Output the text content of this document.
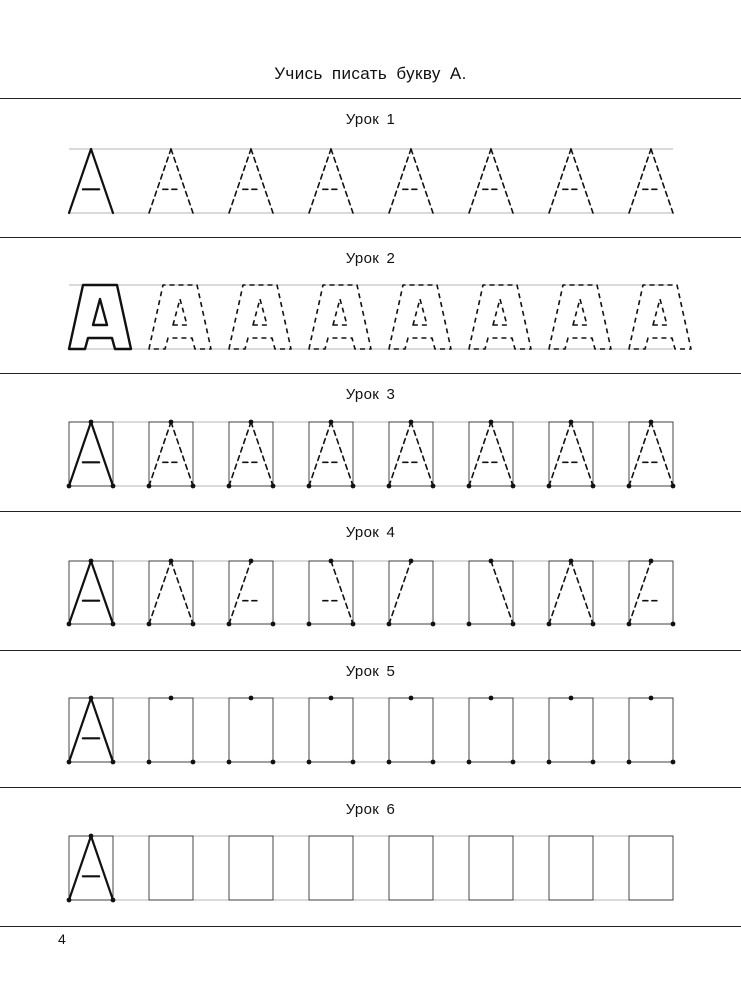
Учись писать букву А.
Урок 1
Урок 2
Урок 3
Урок 4
Урок 5
Урок 6
4
